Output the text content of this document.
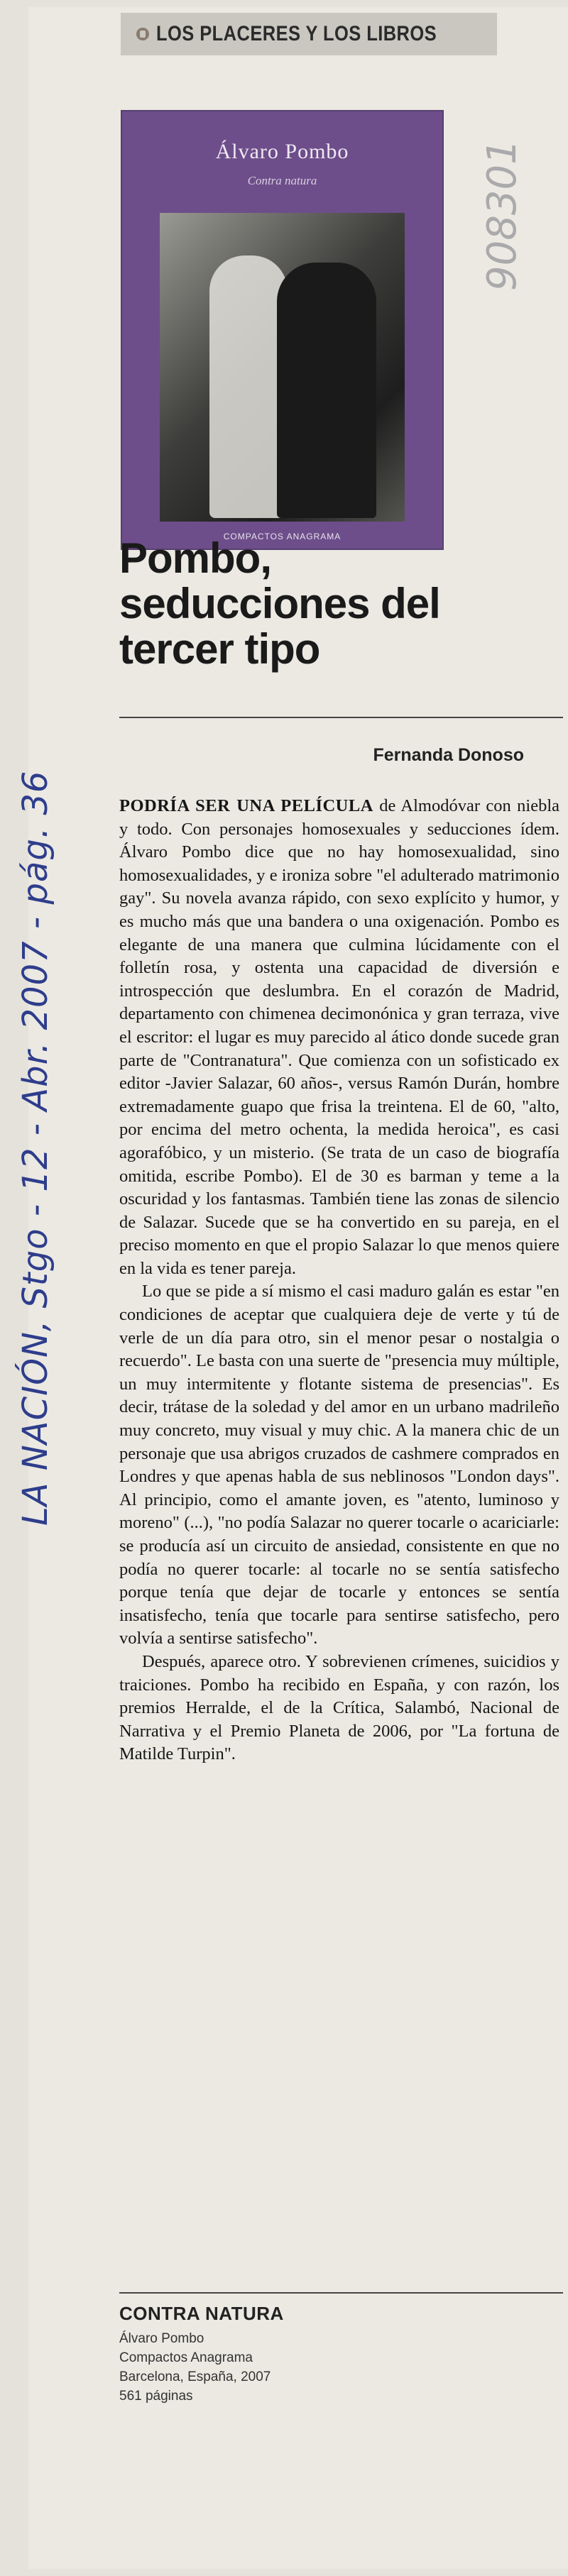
LOS PLACERES Y LOS LIBROS
Álvaro Pombo
Contra natura
COMPACTOS ANAGRAMA
908301
LA NACIÓN, Stgo - 12 - Abr. 2007 - pág. 36
Pombo, seducciones del tercer tipo
Fernanda Donoso

PODRÍA SER UNA PELÍCULA de Almodóvar con niebla y todo. Con personajes homosexuales y seducciones ídem. Álvaro Pombo dice que no hay homosexualidad, sino homosexualidades, y e ironiza sobre "el adulterado matrimonio gay". Su novela avanza rápido, con sexo explícito y humor, y es mucho más que una bandera o una oxigenación. Pombo es elegante de una manera que culmina lúcidamente con el folletín rosa, y ostenta una capacidad de diversión e introspección que deslumbra. En el corazón de Madrid, departamento con chimenea decimonónica y gran terraza, vive el escritor: el lugar es muy parecido al ático donde sucede gran parte de "Contranatura". Que comienza con un sofisticado ex editor -Javier Salazar, 60 años-, versus Ramón Durán, hombre extremadamente guapo que frisa la treintena. El de 60, "alto, por encima del metro ochenta, la medida heroica", es casi agorafóbico, y un misterio. (Se trata de un caso de biografía omitida, escribe Pombo). El de 30 es barman y teme a la oscuridad y los fantasmas. También tiene las zonas de silencio de Salazar. Sucede que se ha convertido en su pareja, en el preciso momento en que el propio Salazar lo que menos quiere en la vida es tener pareja.

Lo que se pide a sí mismo el casi maduro galán es estar "en condiciones de aceptar que cualquiera deje de verte y tú de verle de un día para otro, sin el menor pesar o nostalgia o recuerdo". Le basta con una suerte de "presencia muy múltiple, un muy intermitente y flotante sistema de presencias". Es decir, trátase de la soledad y del amor en un urbano madrileño muy concreto, muy visual y muy chic. A la manera chic de un personaje que usa abrigos cruzados de cashmere comprados en Londres y que apenas habla de sus neblinosos "London days". Al principio, como el amante joven, es "atento, luminoso y moreno" (...), "no podía Salazar no querer tocarle o acariciarle: se producía así un circuito de ansiedad, consistente en que no podía no querer tocarle: al tocarle no se sentía satisfecho porque tenía que dejar de tocarle y entonces se sentía insatisfecho, tenía que tocarle para sentirse satisfecho, pero volvía a sentirse satisfecho".

Después, aparece otro. Y sobrevienen crímenes, suicidios y traiciones. Pombo ha recibido en España, y con razón, los premios Herralde, el de la Crítica, Salambó, Nacional de Narrativa y el Premio Planeta de 2006, por "La fortuna de Matilde Turpin".

CONTRA NATURA
Álvaro Pombo
Compactos Anagrama
Barcelona, España, 2007
561 páginas
